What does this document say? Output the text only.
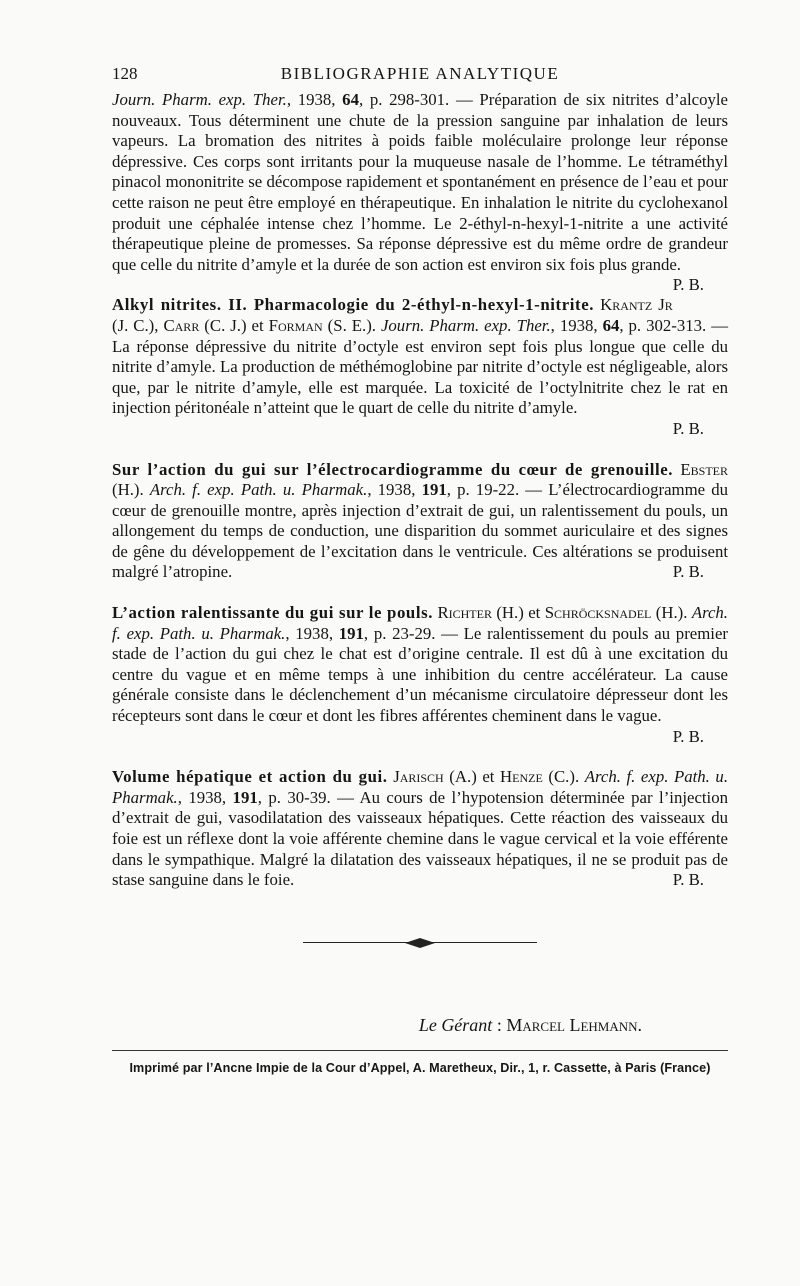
128	BIBLIOGRAPHIE ANALYTIQUE

Journ. Pharm. exp. Ther., 1938, 64, p. 298-301. — Préparation de six nitrites d’alcoyle nouveaux. Tous déterminent une chute de la pression sanguine par inhalation de leurs vapeurs. La bromation des nitrites à poids faible moléculaire prolonge leur réponse dépressive. Ces corps sont irritants pour la muqueuse nasale de l’homme. Le tétraméthyl pinacol mononitrite se décompose rapidement et spontanément en présence de l’eau et pour cette raison ne peut être employé en thérapeutique. En inhalation le nitrite du cyclohexanol produit une céphalée intense chez l’homme. Le 2-éthyl-n-hexyl-1-nitrite a une activité thérapeutique pleine de promesses. Sa réponse dépressive est du même ordre de grandeur que celle du nitrite d’amyle et la durée de son action est environ six fois plus grande.
P. B.

Alkyl nitrites. II. Pharmacologie du 2-éthyl-n-hexyl-1-nitrite. Krantz Jr (J. C.), Carr (C. J.) et Forman (S. E.). Journ. Pharm. exp. Ther., 1938, 64, p. 302-313. — La réponse dépressive du nitrite d’octyle est environ sept fois plus longue que celle du nitrite d’amyle. La production de méthémoglobine par nitrite d’octyle est négligeable, alors que, par le nitrite d’amyle, elle est marquée. La toxicité de l’octylnitrite chez le rat en injection péritonéale n’atteint que le quart de celle du nitrite d’amyle.
P. B.

Sur l’action du gui sur l’électrocardiogramme du cœur de grenouille. Ebster (H.). Arch. f. exp. Path. u. Pharmak., 1938, 191, p. 19-22. — L’électrocardiogramme du cœur de grenouille montre, après injection d’extrait de gui, un ralentissement du pouls, un allongement du temps de conduction, une disparition du sommet auriculaire et des signes de gêne du développement de l’excitation dans le ventricule. Ces altérations se produisent malgré l’atropine.	P. B.

L’action ralentissante du gui sur le pouls. Richter (H.) et Schröcksnadel (H.). Arch. f. exp. Path. u. Pharmak., 1938, 191, p. 23-29. — Le ralentissement du pouls au premier stade de l’action du gui chez le chat est d’origine centrale. Il est dû à une excitation du centre du vague et en même temps à une inhibition du centre accélérateur. La cause générale consiste dans le déclenchement d’un mécanisme circulatoire dépresseur dont les récepteurs sont dans le cœur et dont les fibres afférentes cheminent dans le vague.
P. B.

Volume hépatique et action du gui. Jarisch (A.) et Henze (C.). Arch. f. exp. Path. u. Pharmak., 1938, 191, p. 30-39. — Au cours de l’hypotension déterminée par l’injection d’extrait de gui, vasodilatation des vaisseaux hépatiques. Cette réaction des vaisseaux du foie est un réflexe dont la voie afférente chemine dans le vague cervical et la voie efférente dans le sympathique. Malgré la dilatation des vaisseaux hépatiques, il ne se produit pas de stase sanguine dans le foie.	P. B.

Le Gérant : Marcel Lehmann.
Imprimé par l’Ancne Impie de la Cour d’Appel, A. Maretheux, Dir., 1, r. Cassette, à Paris (France)
